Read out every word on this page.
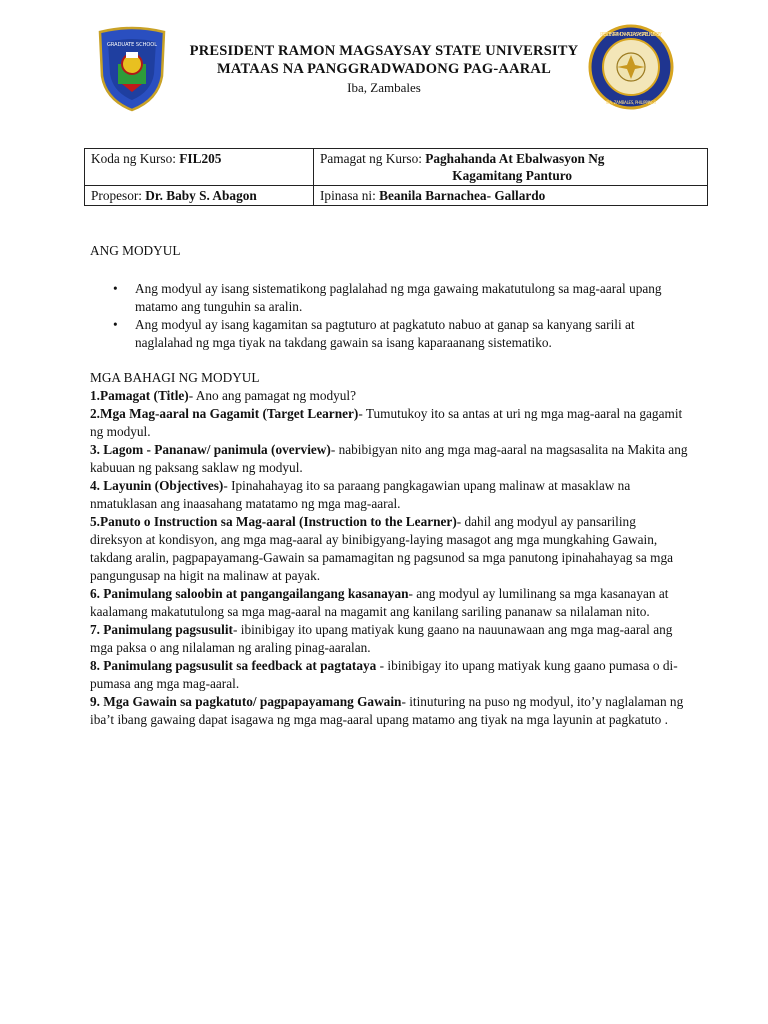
GRADUATE SCHOOL
PRESIDENT RAMON MAGSAYSAY STATE UNIVERSITY
IBA, ZAMBALES, PHILIPPINES
PRESIDENT RAMON MAGSAYSAY STATE UNIVERSITY
MATAAS NA PANGGRADWADONG PAG-AARAL
Iba, Zambales
Koda ng Kurso: FIL205	Pamagat ng Kurso: Paghahanda At Ebalwasyon Ng
Kagamitang Panturo
Propesor: Dr. Baby S. Abagon	Ipinasa ni: Beanila Barnachea- Gallardo
ANG MODYUL
• Ang modyul ay isang sistematikong paglalahad ng mga gawaing makatutulong sa mag-aaral upang matamo ang tunguhin sa aralin.
• Ang modyul ay isang kagamitan sa pagtuturo at pagkatuto nabuo at ganap sa kanyang sarili at naglalahad ng mga tiyak na takdang gawain sa isang kaparaanang sistematiko.
MGA BAHAGI NG MODYUL

1.Pamagat (Title)- Ano ang pamagat ng modyul?

2.Mga Mag-aaral na Gagamit (Target Learner)- Tumutukoy ito sa antas at uri ng mga mag-aaral na gagamit ng modyul.

3. Lagom - Pananaw/ panimula (overview)- nabibigyan nito ang mga mag-aaral na magsasalita na Makita ang kabuuan ng paksang saklaw ng modyul.

4. Layunin (Objectives)- Ipinahahayag ito sa paraang pangkagawian upang malinaw at masaklaw na nmatuklasan ang inaasahang matatamo ng mga mag-aaral.

5.Panuto o Instruction sa Mag-aaral (Instruction to the Learner)- dahil ang modyul ay pansariling direksyon at kondisyon, ang mga mag-aaral ay binibigyang-laying masagot ang mga mungkahing Gawain, takdang aralin, pagpapayamang-Gawain sa pamamagitan ng pagsunod sa mga panutong ipinahahayag sa mga pangungusap na higit na malinaw at payak.

6. Panimulang saloobin at pangangailangang kasanayan- ang modyul ay lumilinang sa mga kasanayan at kaalamang makatutulong sa mga mag-aaral na magamit ang kanilang sariling pananaw sa nilalaman nito.

7. Panimulang pagsusulit- ibinibigay ito upang matiyak kung gaano na nauunawaan ang mga mag-aaral ang mga paksa o ang nilalaman ng araling pinag-aaralan.

8. Panimulang pagsusulit sa feedback at pagtataya - ibinibigay ito upang matiyak kung gaano pumasa o di- pumasa ang mga mag-aaral.

9. Mga Gawain sa pagkatuto/ pagpapayamang Gawain- itinuturing na puso ng modyul, ito’y naglalaman ng iba’t ibang gawaing dapat isagawa ng mga mag-aaral upang matamo ang tiyak na mga layunin at pagkatuto .
